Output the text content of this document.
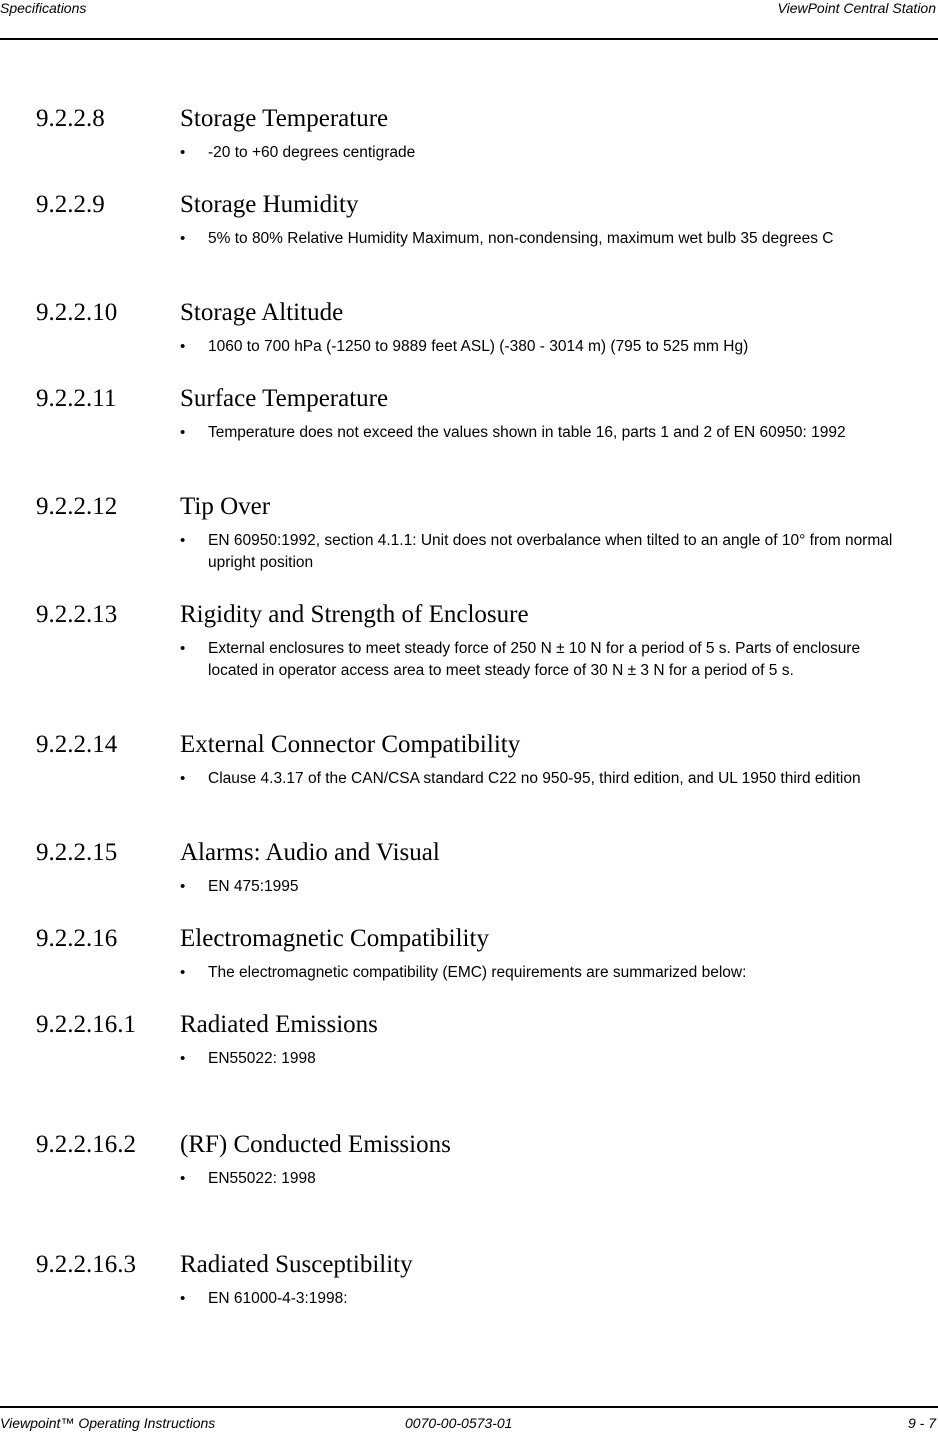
Specifications	ViewPoint Central Station
9.2.2.8	Storage Temperature
•	-20 to +60 degrees centigrade
9.2.2.9	Storage Humidity
•	5% to 80% Relative Humidity Maximum, non-condensing, maximum wet bulb 35 degrees C
9.2.2.10	Storage Altitude
•	1060 to 700 hPa (-1250 to 9889 feet ASL) (-380 - 3014 m) (795 to 525 mm Hg)
9.2.2.11	Surface Temperature
•	Temperature does not exceed the values shown in table 16, parts 1 and 2 of EN 60950: 1992
9.2.2.12	Tip Over
•	EN 60950:1992, section 4.1.1: Unit does not overbalance when tilted to an angle of 10° from normal upright position
9.2.2.13	Rigidity and Strength of Enclosure
•	External enclosures to meet steady force of 250 N ± 10 N for a period of 5 s. Parts of enclosure located in operator access area to meet steady force of 30 N ± 3 N for a period of 5 s.
9.2.2.14	External Connector Compatibility
•	Clause 4.3.17 of the CAN/CSA standard C22 no 950-95, third edition, and UL 1950 third edition
9.2.2.15	Alarms: Audio and Visual
•	EN 475:1995
9.2.2.16	Electromagnetic Compatibility
•	The electromagnetic compatibility (EMC) requirements are summarized below:
9.2.2.16.1 Radiated Emissions
•	EN55022: 1998
9.2.2.16.2 (RF) Conducted Emissions
•	EN55022: 1998
9.2.2.16.3 Radiated Susceptibility
•	EN 61000-4-3:1998:
Viewpoint™ Operating Instructions	0070-00-0573-01	9 - 7
